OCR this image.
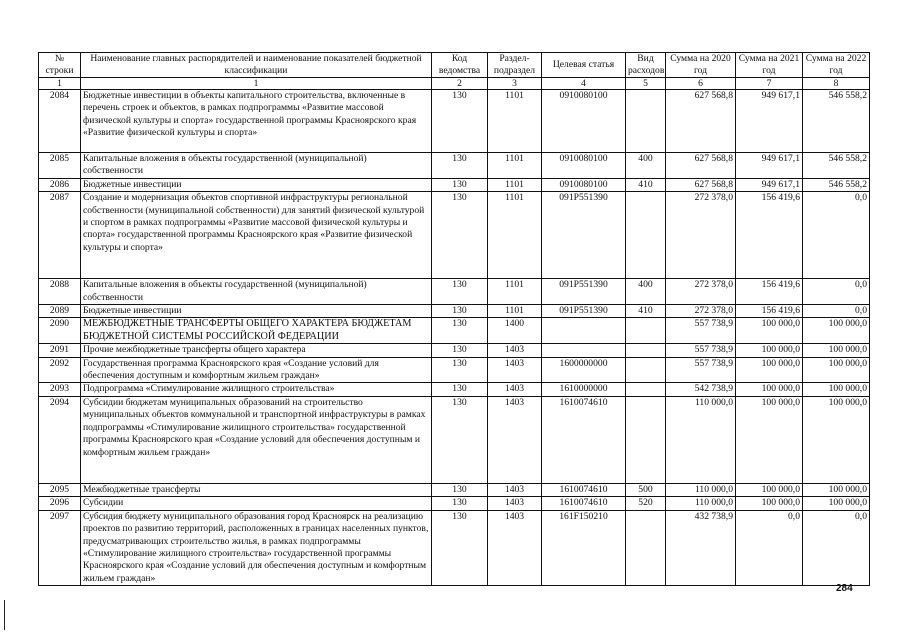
№ строки	Наименование главных распорядителей и наименование показателей бюджетной классификации	Код ведомства	Раздел-подраздел	Целевая статья	Вид расходов	Сумма на 2020 год	Сумма на 2021 год	Сумма на 2022 год
1	1	2	3	4	5	6	7	8
2084	Бюджетные инвестиции в объекты капитального строительства, включенные в перечень строек и объектов, в рамках подпрограммы «Развитие массовой физической культуры и спорта» государственной программы Красноярского края «Развитие физической культуры и спорта»	130	1101	0910080100		627 568,8	949 617,1	546 558,2
2085	Капитальные вложения в объекты государственной (муниципальной) собственности	130	1101	0910080100	400	627 568,8	949 617,1	546 558,2
2086	Бюджетные инвестиции	130	1101	0910080100	410	627 568,8	949 617,1	546 558,2
2087	Создание и модернизация объектов спортивной инфраструктуры региональной собственности (муниципальной собственности) для занятий физической культурой и спортом в рамках подпрограммы «Развитие массовой физической культуры и спорта» государственной программы Красноярского края «Развитие физической культуры и спорта»	130	1101	091P551390		272 378,0	156 419,6	0,0
2088	Капитальные вложения в объекты государственной (муниципальной) собственности	130	1101	091P551390	400	272 378,0	156 419,6	0,0
2089	Бюджетные инвестиции	130	1101	091P551390	410	272 378,0	156 419,6	0,0
2090	МЕЖБЮДЖЕТНЫЕ ТРАНСФЕРТЫ ОБЩЕГО ХАРАКТЕРА БЮДЖЕТАМ БЮДЖЕТНОЙ СИСТЕМЫ РОССИЙСКОЙ ФЕДЕРАЦИИ	130	1400			557 738,9	100 000,0	100 000,0
2091	Прочие межбюджетные трансферты общего характера	130	1403			557 738,9	100 000,0	100 000,0
2092	Государственная программа Красноярского края «Создание условий для обеспечения доступным и комфортным жильем граждан»	130	1403	1600000000		557 738,9	100 000,0	100 000,0
2093	Подпрограмма «Стимулирование жилищного строительства»	130	1403	1610000000		542 738,9	100 000,0	100 000,0
2094	Субсидии бюджетам муниципальных образований на строительство муниципальных объектов коммунальной и транспортной инфраструктуры в рамках подпрограммы «Стимулирование жилищного строительства» государственной программы Красноярского края «Создание условий для обеспечения доступным и комфортным жильем граждан»	130	1403	1610074610		110 000,0	100 000,0	100 000,0
2095	Межбюджетные трансферты	130	1403	1610074610	500	110 000,0	100 000,0	100 000,0
2096	Субсидии	130	1403	1610074610	520	110 000,0	100 000,0	100 000,0
2097	Субсидия бюджету муниципального образования город Красноярск на реализацию проектов по развитию территорий, расположенных в границах населенных пунктов, предусматривающих строительство жилья, в рамках подпрограммы «Стимулирование жилищного строительства» государственной программы Красноярского края «Создание условий для обеспечения доступным и комфортным жильем граждан»	130	1403	161F150210		432 738,9	0,0	0,0
284
